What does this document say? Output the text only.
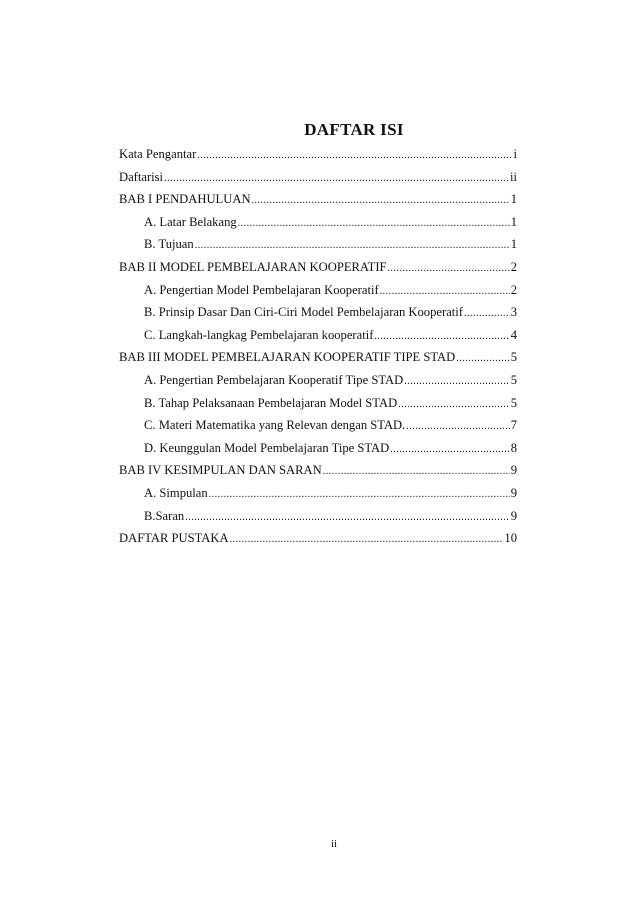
DAFTAR ISI
Kata Pengantar .....	i
Daftarisi .....	ii
BAB I PENDAHULUAN .....	1
A. Latar Belakang .....	1
B. Tujuan .....	1
BAB II MODEL PEMBELAJARAN KOOPERATIF .....	2
A. Pengertian Model Pembelajaran Kooperatif .....	2
B. Prinsip Dasar Dan Ciri-Ciri Model Pembelajaran Kooperatif .....	3
C. Langkah-langkag Pembelajaran kooperatif .....	4
BAB III MODEL PEMBELAJARAN KOOPERATIF TIPE STAD .....	5
A. Pengertian Pembelajaran Kooperatif Tipe STAD .....	5
B. Tahap Pelaksanaan Pembelajaran Model STAD .....	5
C. Materi Matematika yang Relevan dengan STAD. .....	7
D. Keunggulan Model Pembelajaran Tipe STAD .....	8
BAB IV KESIMPULAN DAN SARAN .....	9
A. Simpulan .....	9
B.Saran .....	9
DAFTAR PUSTAKA .....	10
ii
